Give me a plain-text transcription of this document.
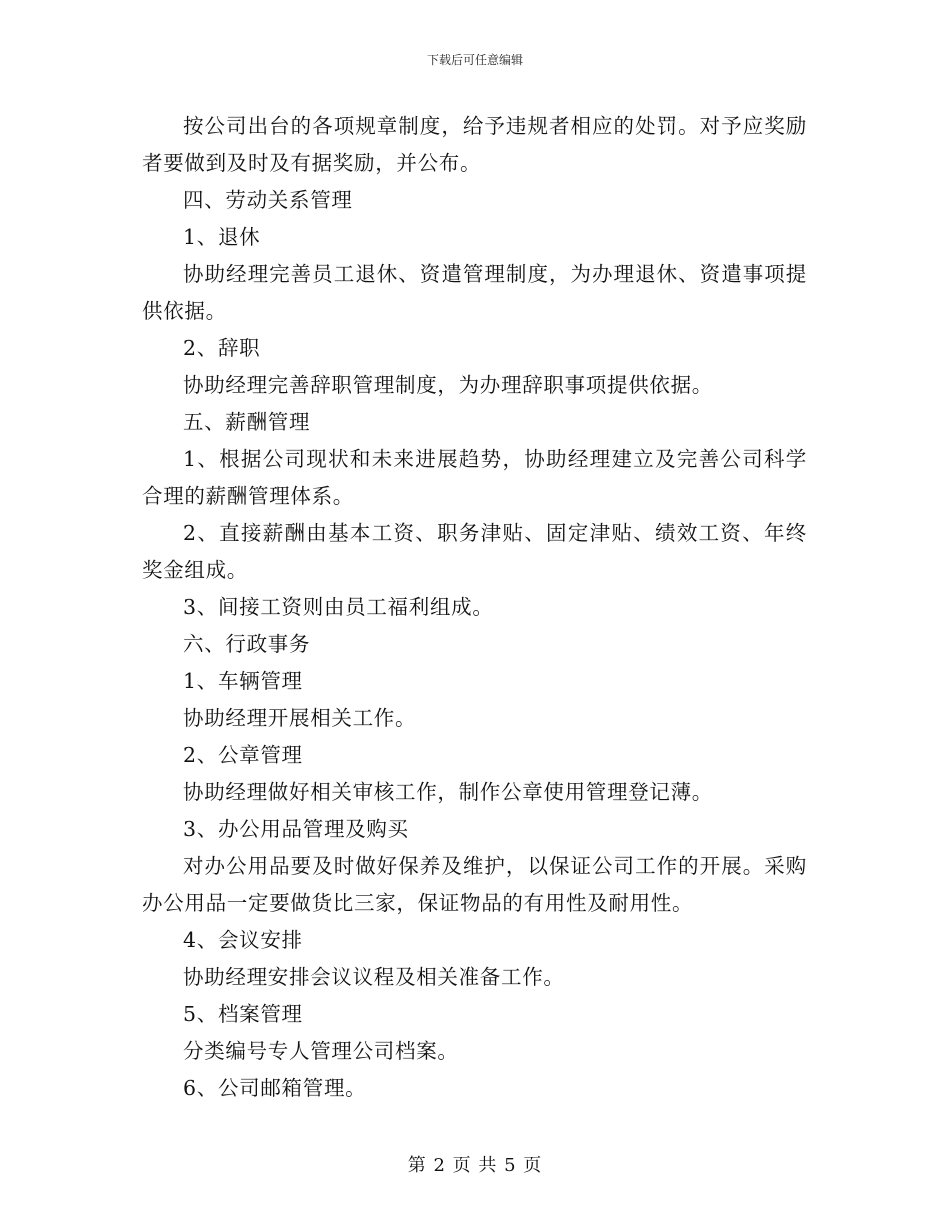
下载后可任意编辑

按公司出台的各项规章制度，给予违规者相应的处罚。对予应奖励者要做到及时及有据奖励，并公布。

四、劳动关系管理

1、退休

协助经理完善员工退休、资遣管理制度，为办理退休、资遣事项提供依据。

2、辞职

协助经理完善辞职管理制度，为办理辞职事项提供依据。

五、薪酬管理

1、根据公司现状和未来进展趋势，协助经理建立及完善公司科学合理的薪酬管理体系。

2、直接薪酬由基本工资、职务津贴、固定津贴、绩效工资、年终奖金组成。

3、间接工资则由员工福利组成。

六、行政事务

1、车辆管理

协助经理开展相关工作。

2、公章管理

协助经理做好相关审核工作，制作公章使用管理登记薄。

3、办公用品管理及购买

对办公用品要及时做好保养及维护，以保证公司工作的开展。采购办公用品一定要做货比三家，保证物品的有用性及耐用性。

4、会议安排

协助经理安排会议议程及相关准备工作。

5、档案管理

分类编号专人管理公司档案。

6、公司邮箱管理。

第 2 页 共 5 页
